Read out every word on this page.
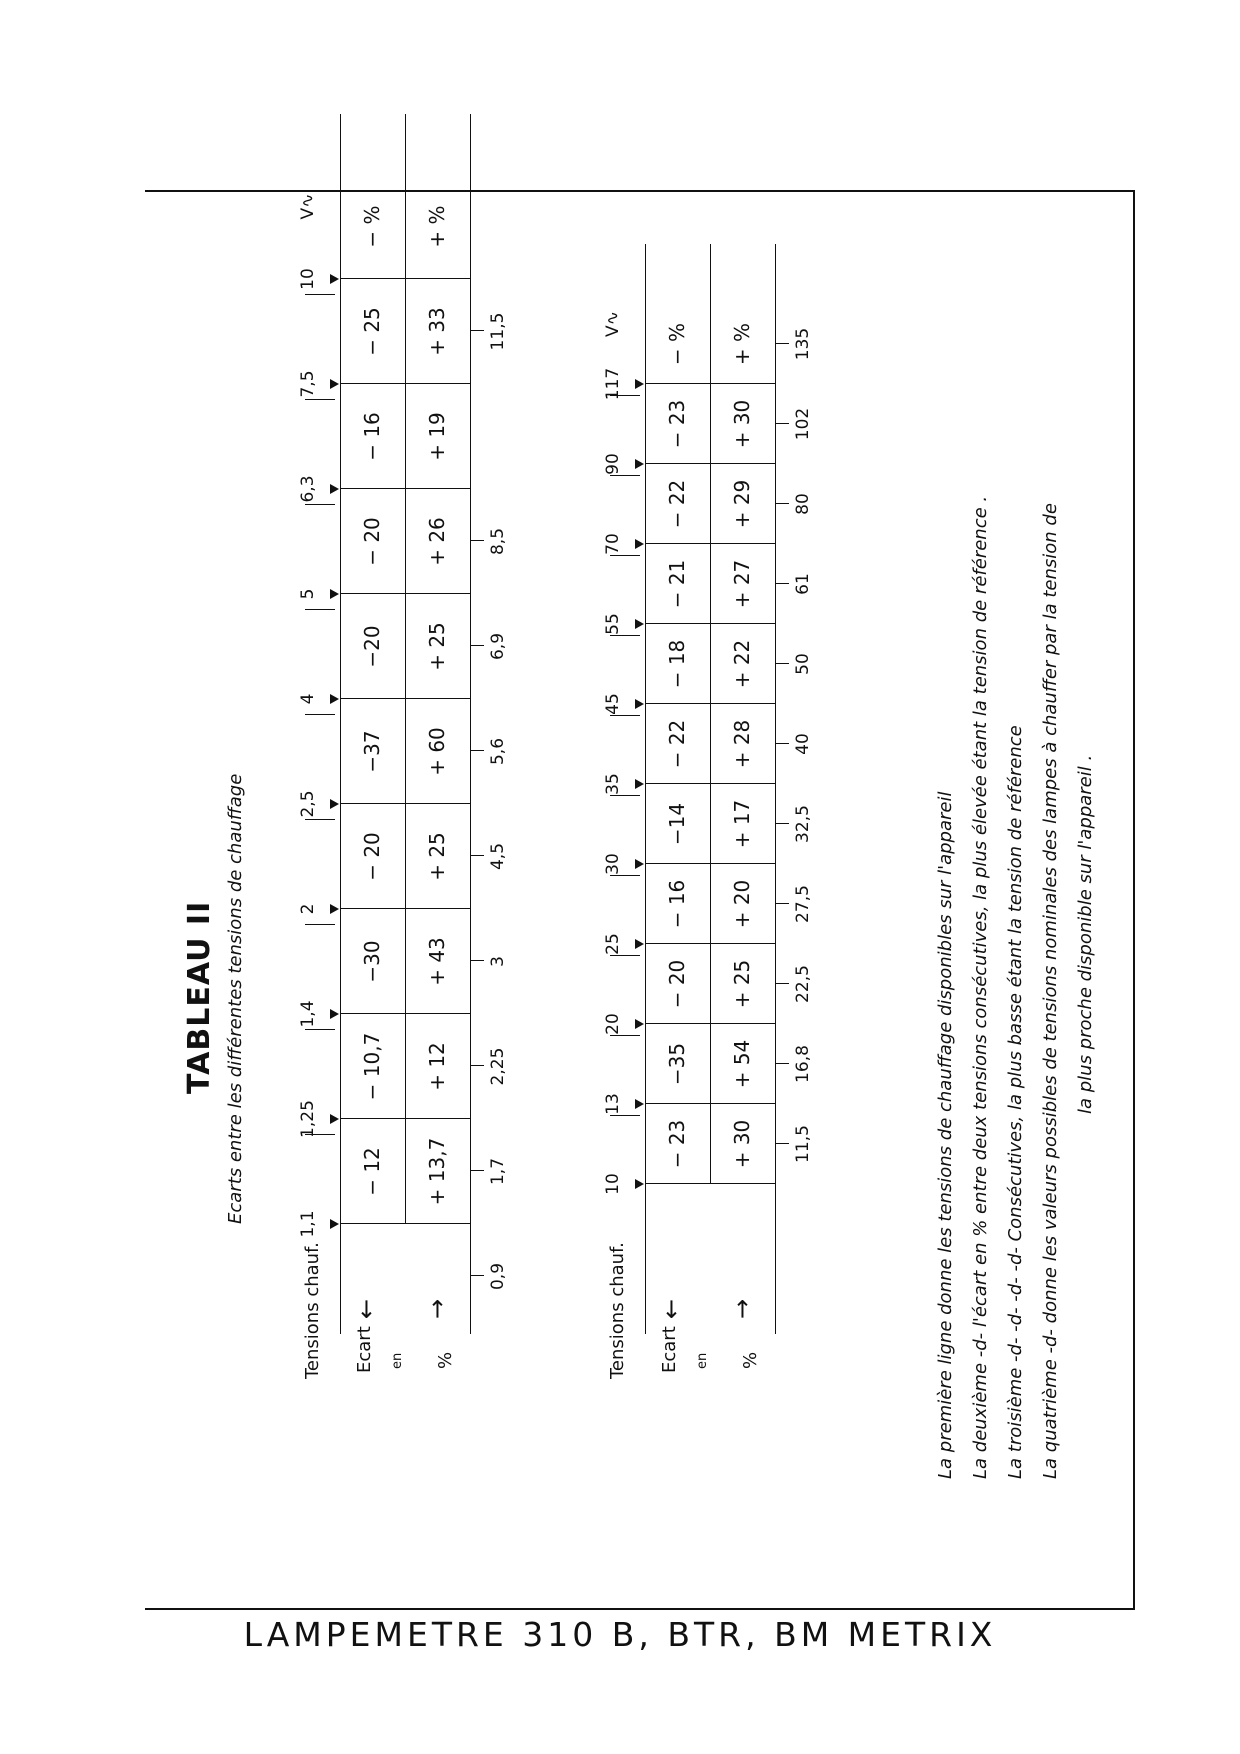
TABLEAU II Ecarts entre les différentes tensions de chauffage
Tensions chauf. Ecart en %
← →
1,1
1,25
1,4
2
2,5
4
5
6,3
7,5
10
− 12
− 10,7
−30
− 20
−37
−20
− 20
− 16
− 25
+ 13,7
+ 12
+ 43
+ 25
+ 60
+ 25
+ 26
+ 19
+ 33
− % + %
V∿
0,9
1,7
2,25
3
4,5
5,6
6,9
8,5
11,5
Tensions chauf. Ecart en %
← →
10
13
20
25
30
35
45
55
70
90
117
− 23
−35
− 20
− 16
−14
− 22
− 18
− 21
− 22
− 23
+ 30
+ 54
+ 25
+ 20
+ 17
+ 28
+ 22
+ 27
+ 29
+ 30
− % + %
V∿
11,5
16,8
22,5
27,5
32,5
40
50
61
80
102
135
La première ligne donne les tensions de chauffage disponibles sur l'appareil La deuxième -d- l'écart en % entre deux tensions consécutives, la plus élevée étant la tension de référence . La troisième -d- -d- -d- -d- Consécutives, la plus basse étant la tension de référence La quatrième -d- donne les valeurs possibles de tensions nominales des lampes à chauffer par la tension de la plus proche disponible sur l'appareil .
LAMPEMETRE 310 B, BTR, BM METRIX
